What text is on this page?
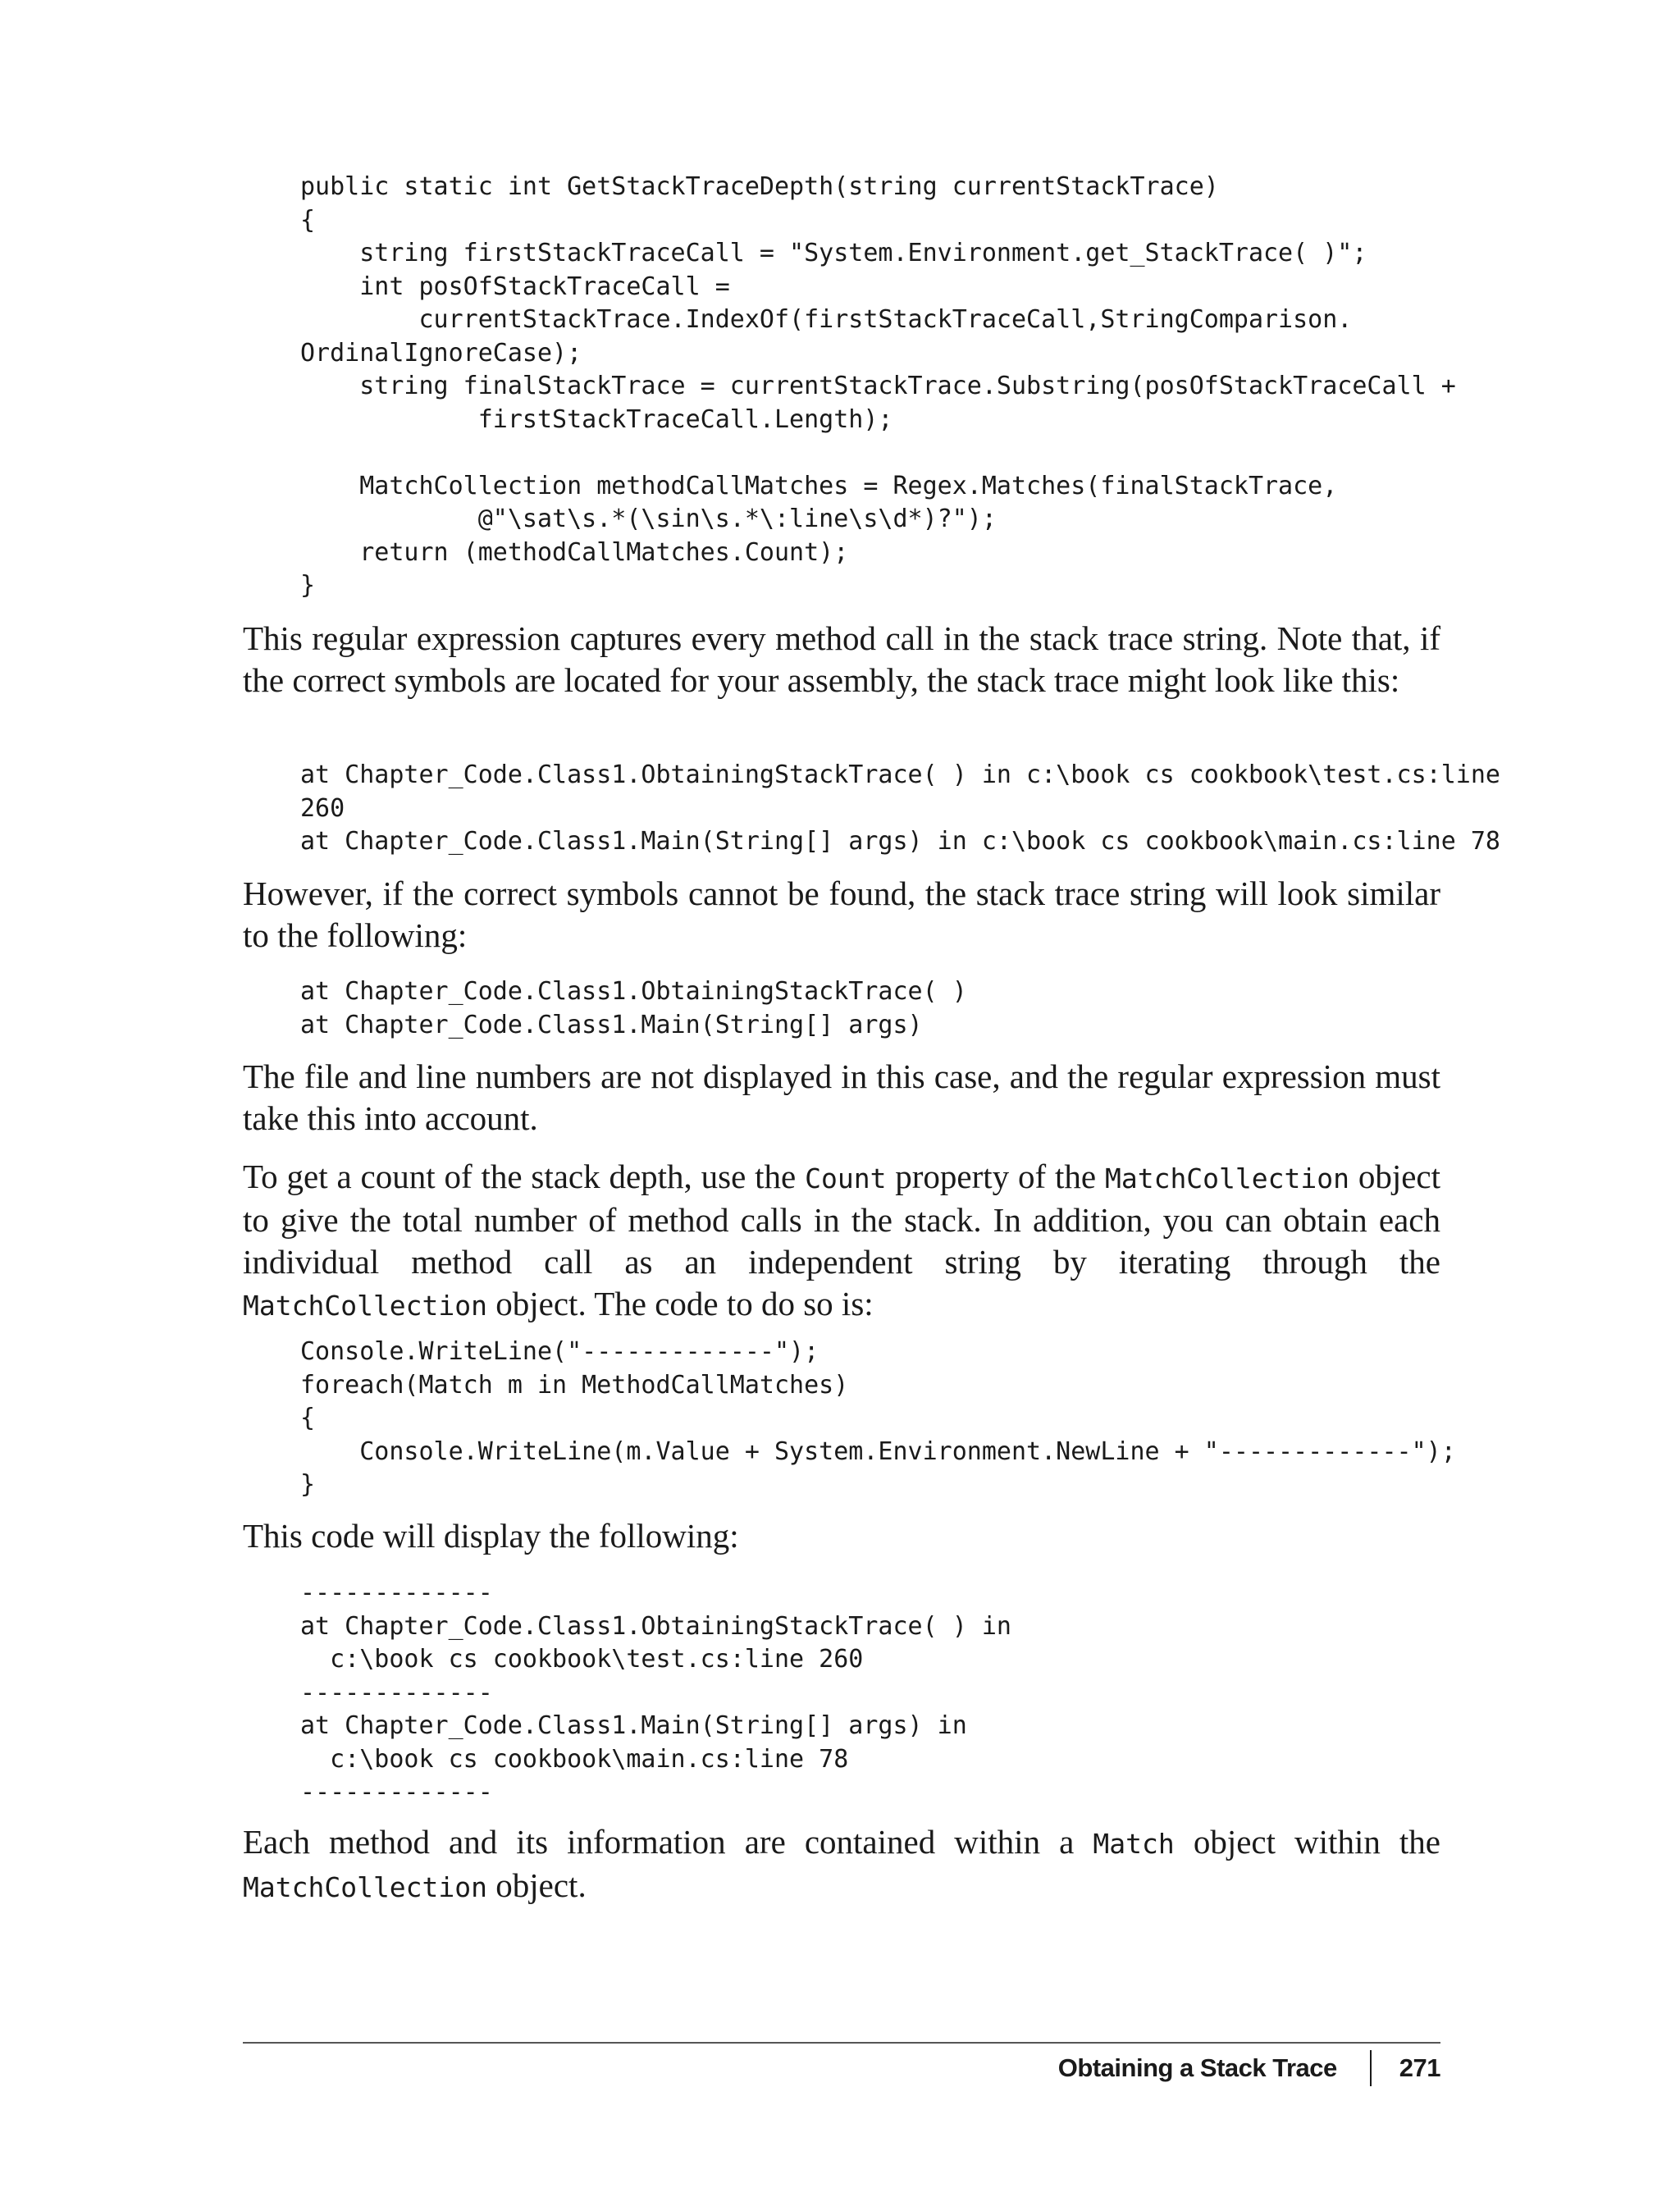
public static int GetStackTraceDepth(string currentStackTrace)
{
string firstStackTraceCall = "System.Environment.get_StackTrace( )";
int posOfStackTraceCall =
currentStackTrace.IndexOf(firstStackTraceCall,StringComparison.
OrdinalIgnoreCase);
string finalStackTrace = currentStackTrace.Substring(posOfStackTraceCall +
firstStackTraceCall.Length);

MatchCollection methodCallMatches = Regex.Matches(finalStackTrace,
@"\sat\s.*(\sin\s.*\:line\s\d*)?");
return (methodCallMatches.Count);
}

This regular expression captures every method call in the stack trace string. Note that, if the correct symbols are located for your assembly, the stack trace might look like this:

at Chapter_Code.Class1.ObtainingStackTrace( ) in c:\book cs cookbook\test.cs:line
260
at Chapter_Code.Class1.Main(String[] args) in c:\book cs cookbook\main.cs:line 78

However, if the correct symbols cannot be found, the stack trace string will look similar to the following:

at Chapter_Code.Class1.ObtainingStackTrace( )
at Chapter_Code.Class1.Main(String[] args)

The file and line numbers are not displayed in this case, and the regular expression must take this into account.

To get a count of the stack depth, use the Count property of the MatchCollection object to give the total number of method calls in the stack. In addition, you can obtain each individual method call as an independent string by iterating through the MatchCollection object. The code to do so is:

Console.WriteLine("-------------");
foreach(Match m in MethodCallMatches)
{
Console.WriteLine(m.Value + System.Environment.NewLine + "-------------");
}

This code will display the following:

-------------
at Chapter_Code.Class1.ObtainingStackTrace( ) in
c:\book cs cookbook\test.cs:line 260
-------------
at Chapter_Code.Class1.Main(String[] args) in
c:\book cs cookbook\main.cs:line 78
-------------

Each method and its information are contained within a Match object within the MatchCollection object.

Obtaining a Stack Trace 271
